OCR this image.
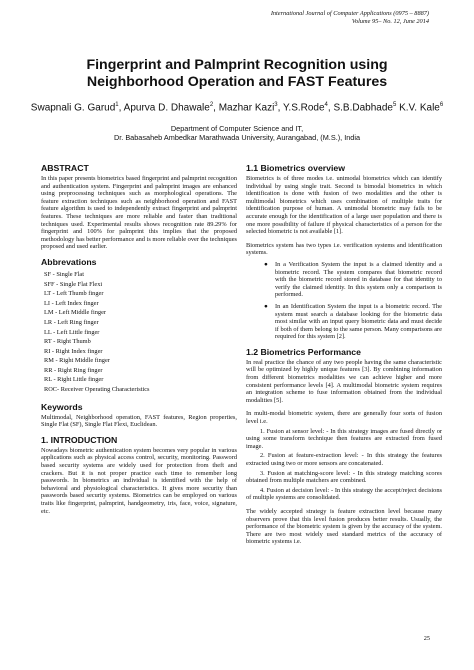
International Journal of Computer Applications (0975 – 8887)
Volume 95– No. 12, June 2014
Fingerprint and Palmprint Recognition using
Neighborhood Operation and FAST Features
Swapnali G. Garud$^1$, Apurva D. Dhawale$^2$, Mazhar Kazi$^3$, Y.S.Rode$^4$, S.B.Dabhade$^5$ K.V. Kale$^6$
Department of Computer Science and IT,
Dr. Babasaheb Ambedkar Marathwada University, Aurangabad, (M.S.), India
ABSTRACT

In this paper presents biometrics based fingerprint and palmprint recognition and authentication system. Fingerprint and palmprint images are enhanced using preprocessing techniques such as morphological operations. The feature extraction techniques such as neighborhood operation and FAST feature algorithm is used to independently extract fingerprint and palmprint features. These techniques are more reliable and faster than traditional techniques used. Experimental results shows recognition rate 89.29% for fingerprint and 100% for palmprint this implies that the proposed methodology has better performance and is more reliable over the techniques proposed and used earlier.

Abbrevations
SF - Single Flat
SFF - Single Flat Flexi
LT - Left Thumb finger
LI - Left Index finger
LM - Left Middle finger
LR - Left Ring finger
LL - Left Little finger
RT - Right Thumb
RI - Right Index finger
RM - Right Middle finger
RR - Right Ring finger
RL - Right Little finger
ROC- Receiver Operating Characteristics
Keywords

Multimodal, Neighborhood operation, FAST features, Region properties, Single Flat (SF), Single Flat Flexi, Euclidean.

1. INTRODUCTION

Nowadays biometric authentication system becomes very popular in various applications such as physical access control, security, monitoring. Password based security systems are widely used for protection from theft and crackers. But it is not proper practice each time to remember long passwords. In biometrics an individual is identified with the help of behavioral and physiological characteristics. It gives more security than passwords based security systems. Biometrics can be employed on various traits like fingerprint, palmprint, handgeometry, iris, face, voice, signature, etc.

1.1 Biometrics overview

Biometrics is of three modes i.e. unimodal biometrics which can identify individual by using single trait. Second is bimodal biometrics in which identification is done with fusion of two modalities and the other is multimodal biometrics which uses combination of multiple traits for identification purpose of human. A unimodal biometric may fails to be accurate enough for the identification of a large user population and there is one more possibility of failure if physical characteristics of a person for the selected biometric is not available [1].

Biometrics system has two types i.e. verification systems and identification systems.

● In a Verification System the input is a claimed identity and a biometric record. The system compares that biometric record with the biometric record stored in database for that identity to verify the claimed identity. In this system only a comparison is performed.
● In an Identification System the input is a biometric record. The system must search a database looking for the biometric data most similar with an input query biometric data and must decide if both of them belong to the same person. Many comparisons are required for this system [2].
1.2 Biometrics Performance

In real practice the chance of any two people having the same characteristic will be optimized by highly unique features [3]. By combining information from different biometrics modalities we can achieve higher and more consistent performance levels [4]. A multimodal biometric system requires an integration scheme to fuse information obtained from the individual modalities [5].

In multi-modal biometric system, there are generally four sorts of fusion level i.e.

1. Fusion at sensor level: - In this strategy images are fused directly or using some transform technique then features are extracted from fused image.
2. Fusion at feature-extraction level: - In this strategy the features extracted using two or more sensors are concatenated.
3. Fusion at matching-score level: - In this strategy matching scores obtained from multiple matchers are combined.
4. Fusion at decision level: - In this strategy the accept/reject decisions of multiple systems are consolidated.

The widely accepted strategy is feature extraction level because many observers prove that this level fusion produces better results. Usually, the performance of the biometric system is given by the accuracy of the system. There are two most widely used standard metrics of the accuracy of biometric systems i.e.

25
